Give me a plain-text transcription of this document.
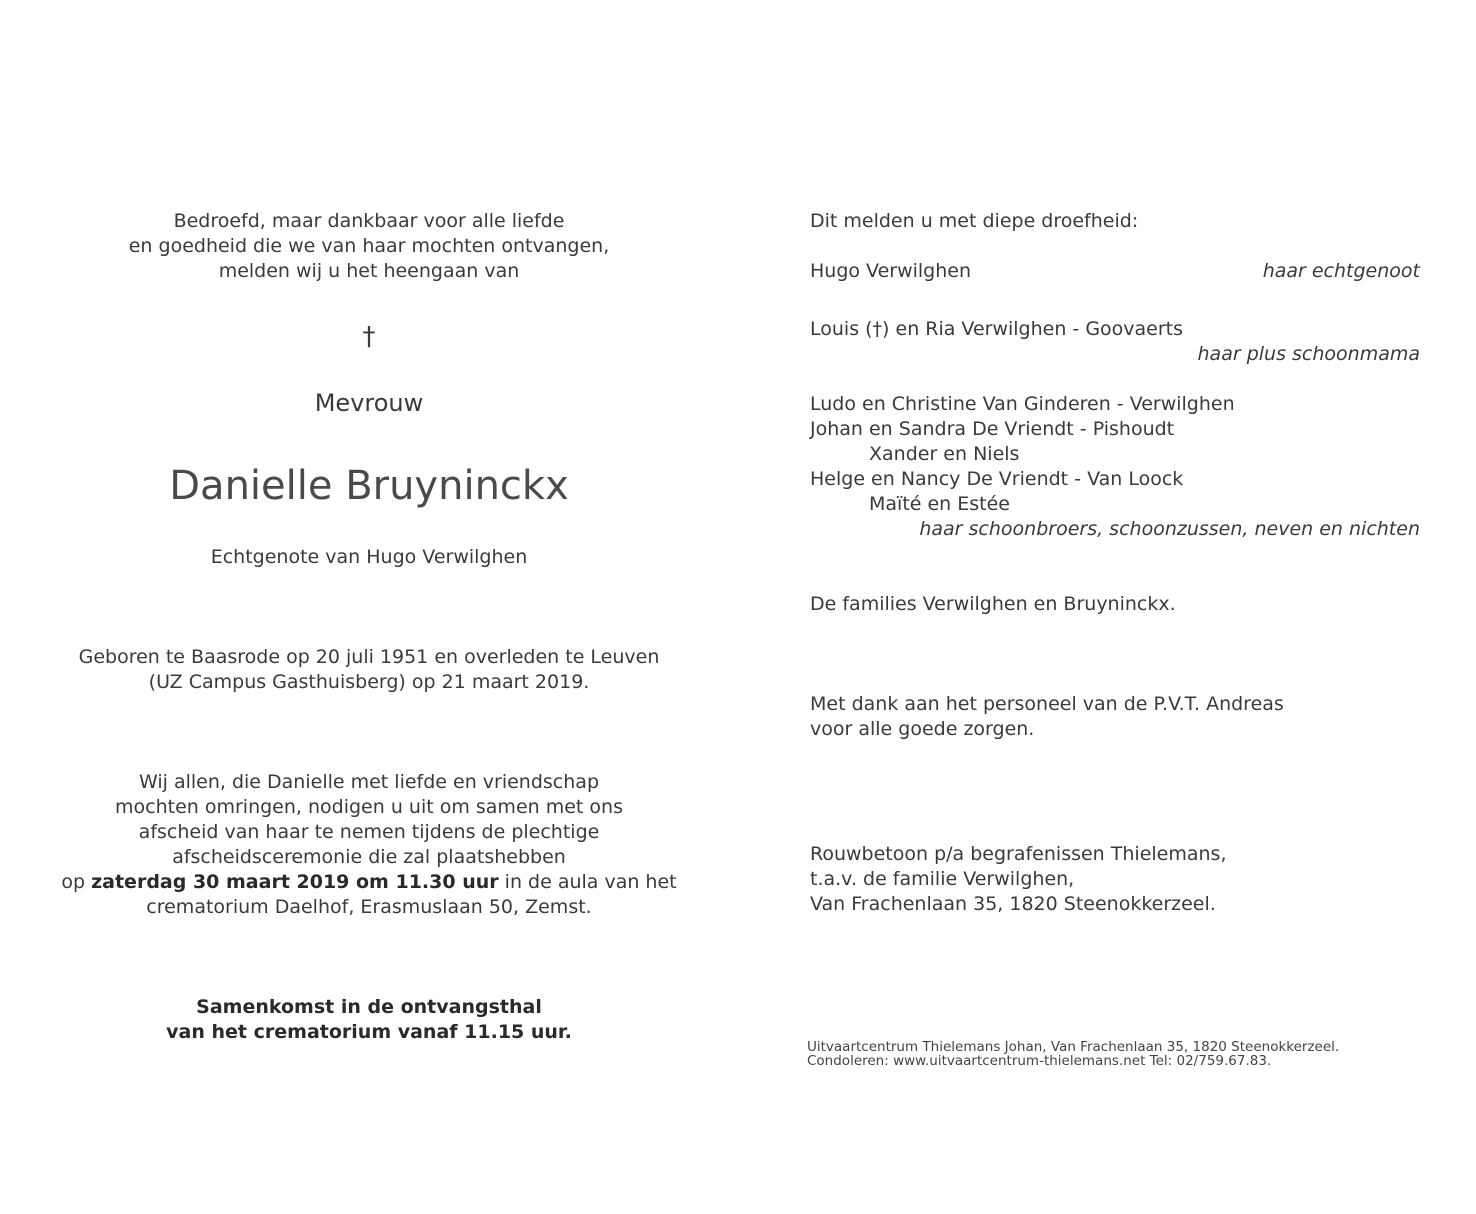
Bedroefd, maar dankbaar voor alle liefde
en goedheid die we van haar mochten ontvangen,
melden wij u het heengaan van
†
Mevrouw
Danielle Bruyninckx
Echtgenote van Hugo Verwilghen
Geboren te Baasrode op 20 juli 1951 en overleden te Leuven
(UZ Campus Gasthuisberg) op 21 maart 2019.
Wij allen, die Danielle met liefde en vriendschap
mochten omringen, nodigen u uit om samen met ons
afscheid van haar te nemen tijdens de plechtige
afscheidsceremonie die zal plaatshebben
op zaterdag 30 maart 2019 om 11.30 uur in de aula van het
crematorium Daelhof, Erasmuslaan 50, Zemst.
Samenkomst in de ontvangsthal
van het crematorium vanaf 11.15 uur.
Dit melden u met diepe droefheid:
Hugo Verwilghen	haar echtgenoot
Louis (†) en Ria Verwilghen - Goovaerts
haar plus schoonmama
Ludo en Christine Van Ginderen - Verwilghen
Johan en Sandra De Vriendt - Pishoudt
Xander en Niels
Helge en Nancy De Vriendt - Van Loock
Maïté en Estée
haar schoonbroers, schoonzussen, neven en nichten
De families Verwilghen en Bruyninckx.
Met dank aan het personeel van de P.V.T. Andreas
voor alle goede zorgen.
Rouwbetoon p/a begrafenissen Thielemans,
t.a.v. de familie Verwilghen,
Van Frachenlaan 35, 1820 Steenokkerzeel.
Uitvaartcentrum Thielemans Johan, Van Frachenlaan 35, 1820 Steenokkerzeel.
Condoleren: www.uitvaartcentrum-thielemans.net Tel: 02/759.67.83.
